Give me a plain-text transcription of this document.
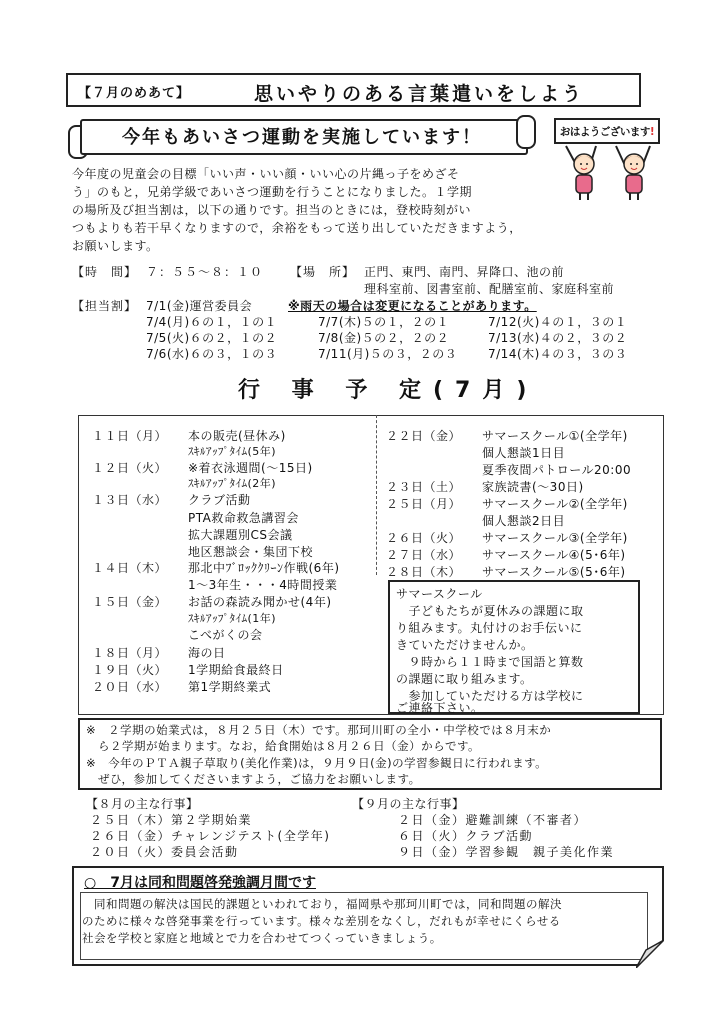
【７月のめあて】	思いやりのある言葉遣いをしよう
今年もあいさつ運動を実施しています！	おはようございます!
今年度の児童会の目標「いい声・いい顔・いい心の片縄っ子をめざそ
う」のもと，兄弟学級であいさつ運動を行うことになりました。１学期
の場所及び担当割は，以下の通りです。担当のときには，登校時刻がい
つもよりも若干早くなりますので，余裕をもって送り出していただきますよう，
お願いします。
【時　間】 ７：５５〜８：１０ 【場　所】 正門、東門、南門、昇降口、池の前
理科室前、図書室前、配膳室前、家庭科室前
【担当割】 7/1(金)運営委員会	※雨天の場合は変更になることがあります。
7/4(月)６の１，１の１	7/7(木)５の１，２の１	7/12(火)４の１，３の１
7/5(火)６の２，１の２	7/8(金)５の２，２の２	7/13(水)４の２，３の２
7/6(水)６の３，１の３	7/11(月)５の３，２の３	7/14(木)４の３，３の３
行 事 予 定(7月)
１１日（月） 本の販売(昼休み)
ｽｷﾙｱｯﾌﾟﾀｲﾑ(5年)
１２日（火） ※着衣泳週間(〜15日)
ｽｷﾙｱｯﾌﾟﾀｲﾑ(2年)
１３日（水） クラブ活動
PTA救命救急講習会
拡大課題別CS会議
地区懇談会・集団下校
１４日（木） 那北中ﾌﾞﾛｯｸｸﾘｰﾝ作戦(6年)
1〜3年生・・・4時間授業
１５日（金） お話の森読み聞かせ(4年)
ｽｷﾙｱｯﾌﾟﾀｲﾑ(1年)
こべがくの会
１８日（月） 海の日
１９日（火） 1学期給食最終日
２０日（水） 第1学期終業式
２２日（金） サマースクール①(全学年)
個人懇談1日目
夏季夜間パトロール20:00
２３日（土） 家族読書(〜30日)
２５日（月） サマースクール②(全学年)
個人懇談2日目
２６日（火） サマースクール③(全学年)
２７日（水） サマースクール④(5･6年)
２８日（木） サマースクール⑤(5･6年)
サマースクール
　子どもたちが夏休みの課題に取
り組みます。丸付けのお手伝いに
きていただけませんか。
　９時から１１時まで国語と算数
の課題に取り組みます。
　参加していただける方は学校に
ご連絡下さい。
※　２学期の始業式は，８月２５日（木）です。那珂川町の全小・中学校では８月末か
　ら２学期が始まります。なお，給食開始は８月２６日（金）からです。
※　今年のＰＴＡ親子草取り(美化作業)は，９月９日(金)の学習参観日に行われます。
　ぜひ，参加してくださいますよう，ご協力をお願いします。
【８月の主な行事】
２５日（木）第２学期始業
２６日（金）チャレンジテスト(全学年)
２０日（火）委員会活動
【９月の主な行事】
２日（金）避難訓練（不審者）
６日（火）クラブ活動
９日（金）学習参観　親子美化作業
○　7月は同和問題啓発強調月間です
　同和問題の解決は国民的課題といわれており，福岡県や那珂川町では，同和問題の解決
のために様々な啓発事業を行っています。様々な差別をなくし，だれもが幸せにくらせる
社会を学校と家庭と地域とで力を合わせてつくっていきましょう。
